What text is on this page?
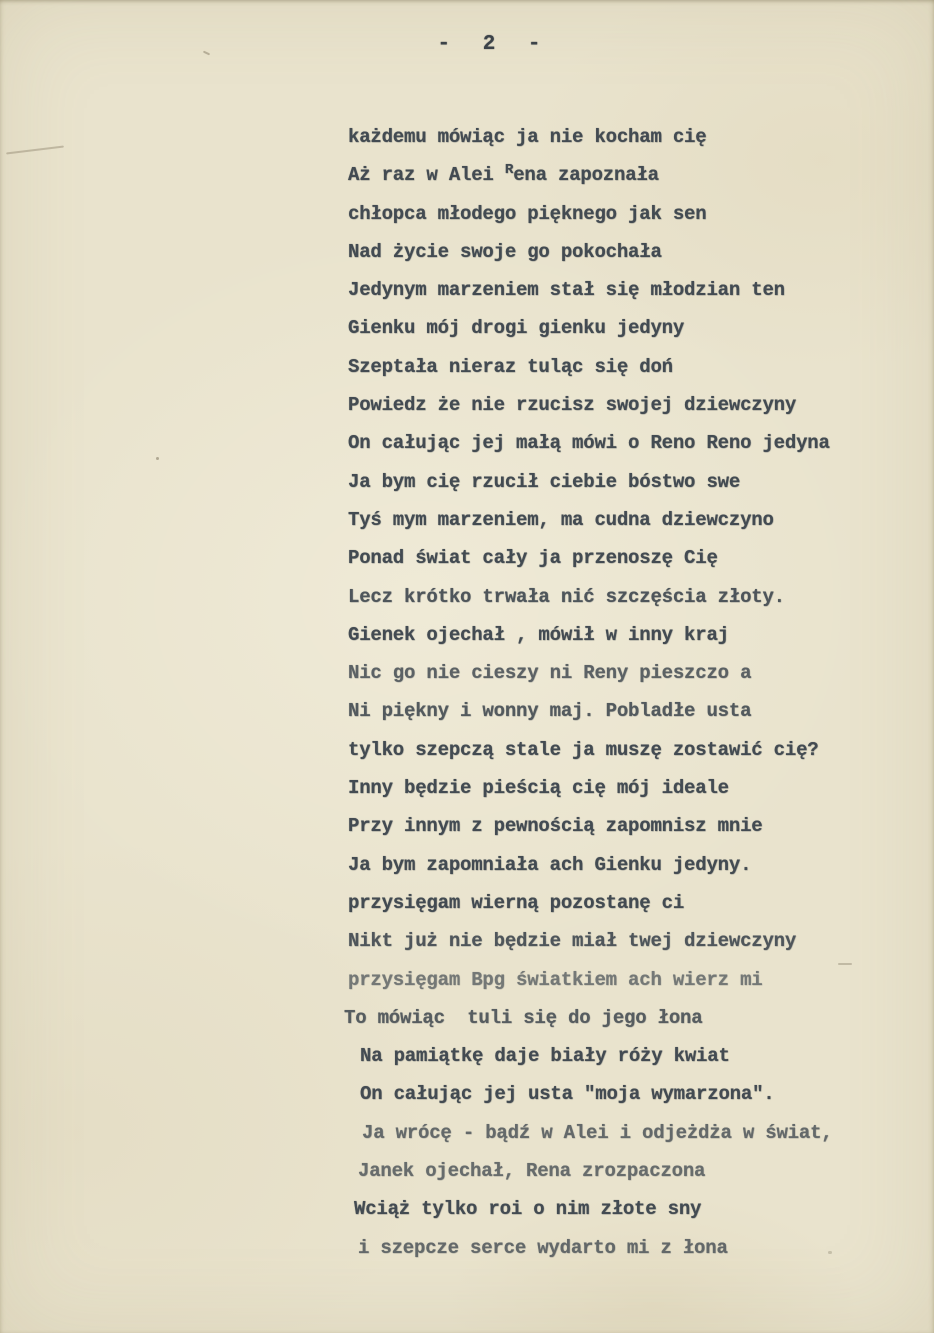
- 2 -
każdemu mówiąc ja nie kocham cię
Aż raz w Alei $^R$ena zapoznała
chłopca młodego pięknego jak sen
Nad życie swoje go pokochała
Jedynym marzeniem stał się młodzian ten
Gienku mój drogi gienku jedyny
Szeptała nieraz tuląc się doń
Powiedz że nie rzucisz swojej dziewczyny
On całując jej małą mówi o Reno Reno jedyna
Ja bym cię rzucił ciebie bóstwo swe
Tyś mym marzeniem, ma cudna dziewczyno
Ponad świat cały ja przenoszę Cię
Lecz krótko trwała nić szczęścia złoty.
Gienek ojechał , mówił w inny kraj
Nic go nie cieszy ni Reny pieszczo a
Ni piękny i wonny maj. Pobladłe usta
tylko szepczą stale ja muszę zostawić cię?
Inny będzie pieścią cię mój ideale
Przy innym z pewnością zapomnisz mnie
Ja bym zapomniała ach Gienku jedyny.
przysięgam wierną pozostanę ci
Nikt już nie będzie miał twej dziewczyny
przysięgam Bpg światkiem ach wierz mi
To mówiąc  tuli się do jego łona
Na pamiątkę daje biały róży kwiat
On całując jej usta "moja wymarzona".
Ja wrócę - bądź w Alei i odjeżdża w świat,
Janek ojechał, Rena zrozpaczona
Wciąż tylko roi o nim złote sny
i szepcze serce wydarto mi z łona
